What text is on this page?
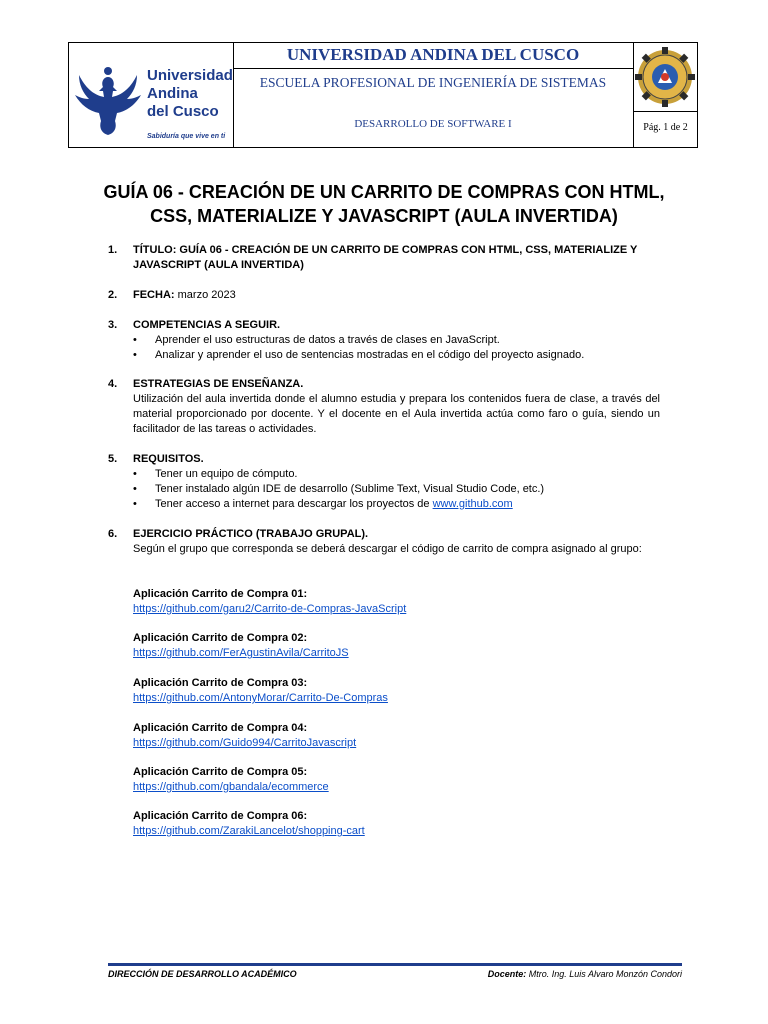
Universidad
Andina
del Cusco
Sabiduría que vive en ti
UNIVERSIDAD ANDINA DEL CUSCO
ESCUELA PROFESIONAL DE INGENIERÍA DE SISTEMAS
DESARROLLO DE SOFTWARE I	Pág. 1 de 2
GUÍA 06 - CREACIÓN DE UN CARRITO DE COMPRAS CON HTML,
CSS, MATERIALIZE Y JAVASCRIPT (AULA INVERTIDA)
1. TÍTULO: GUÍA 06 - CREACIÓN DE UN CARRITO DE COMPRAS CON HTML, CSS, MATERIALIZE Y JAVASCRIPT (AULA INVERTIDA)
2. FECHA: marzo 2023
3. COMPETENCIAS A SEGUIR.
• Aprender el uso estructuras de datos a través de clases en JavaScript.
• Analizar y aprender el uso de sentencias mostradas en el código del proyecto asignado.
4. ESTRATEGIAS DE ENSEÑANZA.
Utilización del aula invertida donde el alumno estudia y prepara los contenidos fuera de clase, a través del material proporcionado por docente. Y el docente en el Aula invertida actúa como faro o guía, siendo un facilitador de las tareas o actividades.
5. REQUISITOS.
• Tener un equipo de cómputo.
• Tener instalado algún IDE de desarrollo (Sublime Text, Visual Studio Code, etc.)
• Tener acceso a internet para descargar los proyectos de www.github.com
6. EJERCICIO PRÁCTICO (TRABAJO GRUPAL).
Según el grupo que corresponda se deberá descargar el código de carrito de compra asignado al grupo:
Aplicación Carrito de Compra 01:
https://github.com/garu2/Carrito-de-Compras-JavaScript
Aplicación Carrito de Compra 02:
https://github.com/FerAgustinAvila/CarritoJS
Aplicación Carrito de Compra 03:
https://github.com/AntonyMorar/Carrito-De-Compras
Aplicación Carrito de Compra 04:
https://github.com/Guido994/CarritoJavascript
Aplicación Carrito de Compra 05:
https://github.com/gbandala/ecommerce
Aplicación Carrito de Compra 06:
https://github.com/ZarakiLancelot/shopping-cart
DIRECCIÓN DE DESARROLLO ACADÉMICO	Docente: Mtro. Ing. Luis Alvaro Monzón Condori
